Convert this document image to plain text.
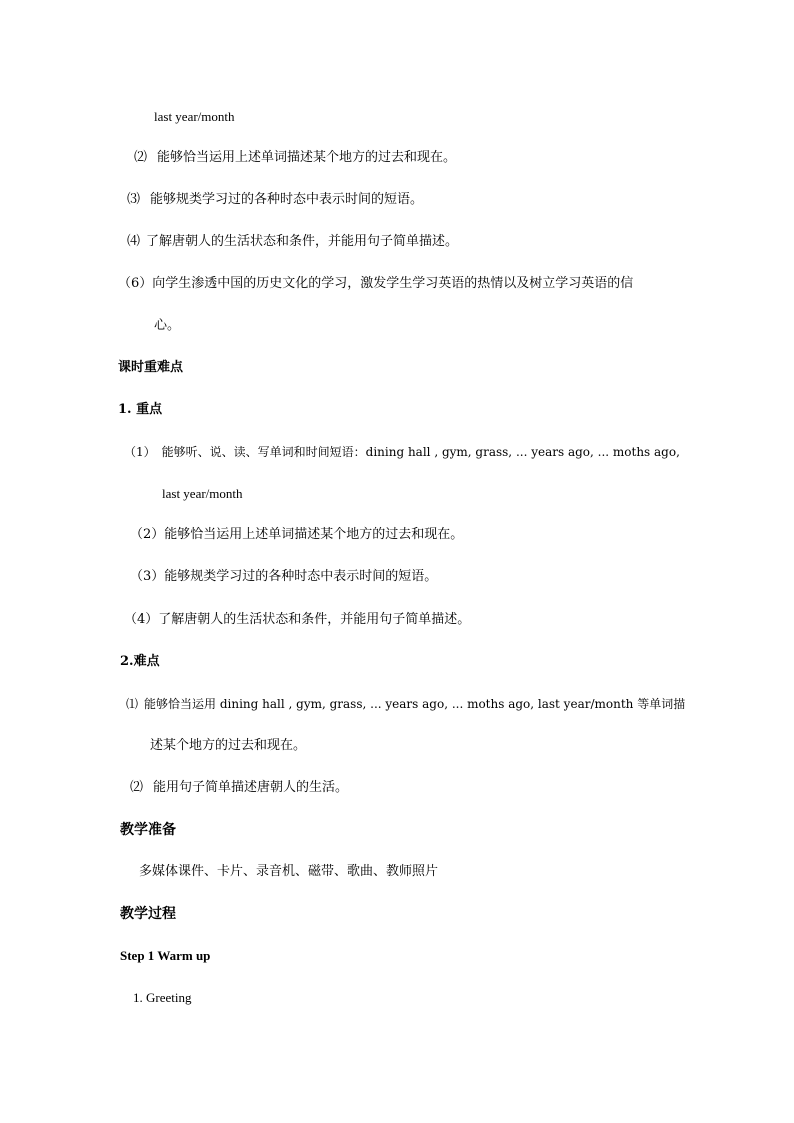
last year/month
⑵ 能够恰当运用上述单词描述某个地方的过去和现在。
⑶ 能够规类学习过的各种时态中表示时间的短语。
⑷ 了解唐朝人的生活状态和条件，并能用句子简单描述。
（6）向学生渗透中国的历史文化的学习，激发学生学习英语的热情以及树立学习英语的信
心。
课时重难点
1. 重点
（1） 能够听、说、读、写单词和时间短语：dining hall , gym, grass, ... years ago, ... moths ago,
last year/month
（2）能够恰当运用上述单词描述某个地方的过去和现在。
（3）能够规类学习过的各种时态中表示时间的短语。
（4）了解唐朝人的生活状态和条件，并能用句子简单描述。
2.难点
⑴ 能够恰当运用 dining hall , gym, grass, ... years ago, ... moths ago, last year/month 等单词描
述某个地方的过去和现在。
⑵ 能用句子简单描述唐朝人的生活。
教学准备
多媒体课件、卡片、录音机、磁带、歌曲、教师照片
教学过程
Step 1 Warm up
1. Greeting
